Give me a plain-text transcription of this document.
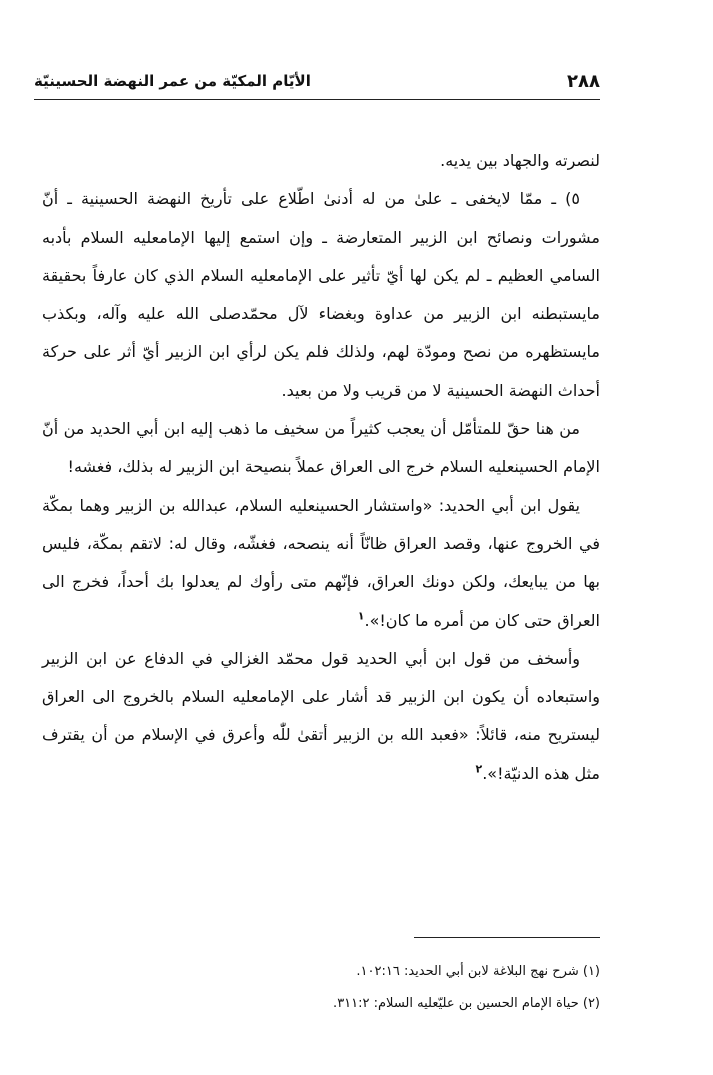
٢٨٨
الأيّام المكيّة من عمر النهضة الحسينيّة

لنصرته والجهاد بين يديه.

٥) ـ ممّا لايخفى ـ علىٰ من له أدنىٰ اطّلاع على تأريخ النهضة الحسينية ـ أنّ مشورات ونصائح ابن الزبير المتعارضة ـ وإن استمع إليها الإمامعليه السلام بأدبه السامي العظيم ـ لم يكن لها أيّ تأثير على الإمامعليه السلام الذي كان عارفاً بحقيقة مايستبطنه ابن الزبير من عداوة وبغضاء لآل محمّدصلى الله عليه وآله، وبكذب مايستظهره من نصح ومودّة لهم، ولذلك فلم يكن لرأي ابن الزبير أيّ أثر على حركة أحداث النهضة الحسينية لا من قريب ولا من بعيد.

من هنا حقّ للمتأمّل أن يعجب كثيراً من سخيف ما ذهب إليه ابن أبي الحديد من أنّ الإمام الحسينعليه السلام خرج الى العراق عملاً بنصيحة ابن الزبير له بذلك، فغشه!

يقول ابن أبي الحديد: «واستشار الحسينعليه السلام، عبدالله بن الزبير وهما بمكّة في الخروج عنها، وقصد العراق ظانّاً أنه ينصحه، فغشّه، وقال له: لاتقم بمكّة، فليس بها من يبايعك، ولكن دونك العراق، فإنّهم متى رأوك لم يعدلوا بك أحداً، فخرج الى العراق حتى كان من أمره ما كان!».$^١$

وأسخف من قول ابن أبي الحديد قول محمّد الغزالي في الدفاع عن ابن الزبير واستبعاده أن يكون ابن الزبير قد أشار على الإمامعليه السلام بالخروج الى العراق ليستريح منه، قائلاً: «فعبد الله بن الزبير أتقىٰ للّٰه وأعرق في الإسلام من أن يقترف مثل هذه الدنيّة!».$^٢$

(١) شرح نهج البلاغة لابن أبي الحديد: ١٠٢:١٦.

(٢) حياة الإمام الحسين بن عليّعليه السلام: ٣١١:٢.
